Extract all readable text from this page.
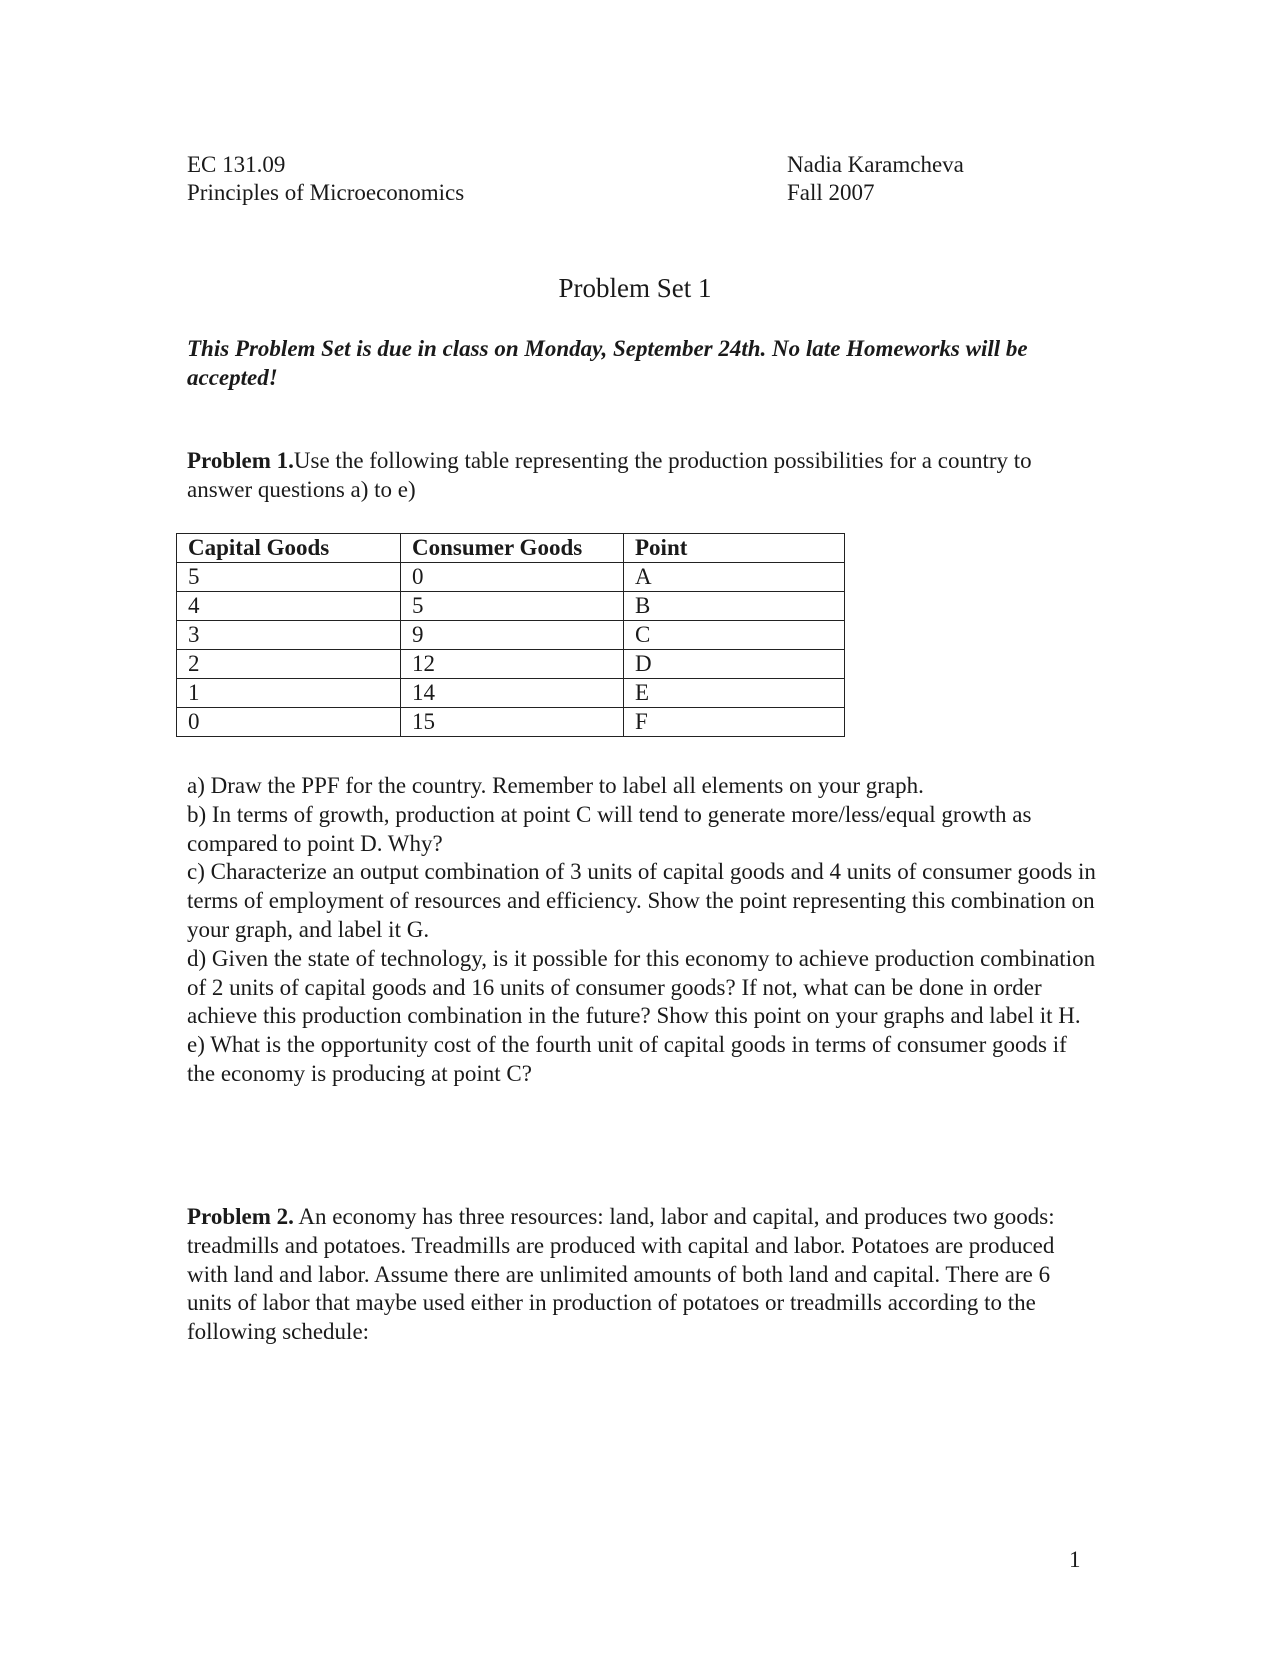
EC 131.09
Principles of Microeconomics
Nadia Karamcheva
Fall 2007
Problem Set 1
This Problem Set is due in class on Monday, September 24th. No late Homeworks will be accepted!
Problem 1.Use the following table representing the production possibilities for a country to answer questions a) to e)
Capital Goods	Consumer Goods	Point
5	0	A
4	5	B
3	9	C
2	12	D
1	14	E
0	15	F
a) Draw the PPF for the country. Remember to label all elements on your graph.
b) In terms of growth, production at point C will tend to generate more/less/equal growth as compared to point D. Why?
c) Characterize an output combination of 3 units of capital goods and 4 units of consumer goods in terms of employment of resources and efficiency. Show the point representing this combination on your graph, and label it G.
d) Given the state of technology, is it possible for this economy to achieve production combination of 2 units of capital goods and 16 units of consumer goods? If not, what can be done in order achieve this production combination in the future? Show this point on your graphs and label it H.
e) What is the opportunity cost of the fourth unit of capital goods in terms of consumer goods if the economy is producing at point C?
Problem 2. An economy has three resources: land, labor and capital, and produces two goods: treadmills and potatoes. Treadmills are produced with capital and labor. Potatoes are produced with land and labor. Assume there are unlimited amounts of both land and capital. There are 6 units of labor that maybe used either in production of potatoes or treadmills according to the following schedule:
1
